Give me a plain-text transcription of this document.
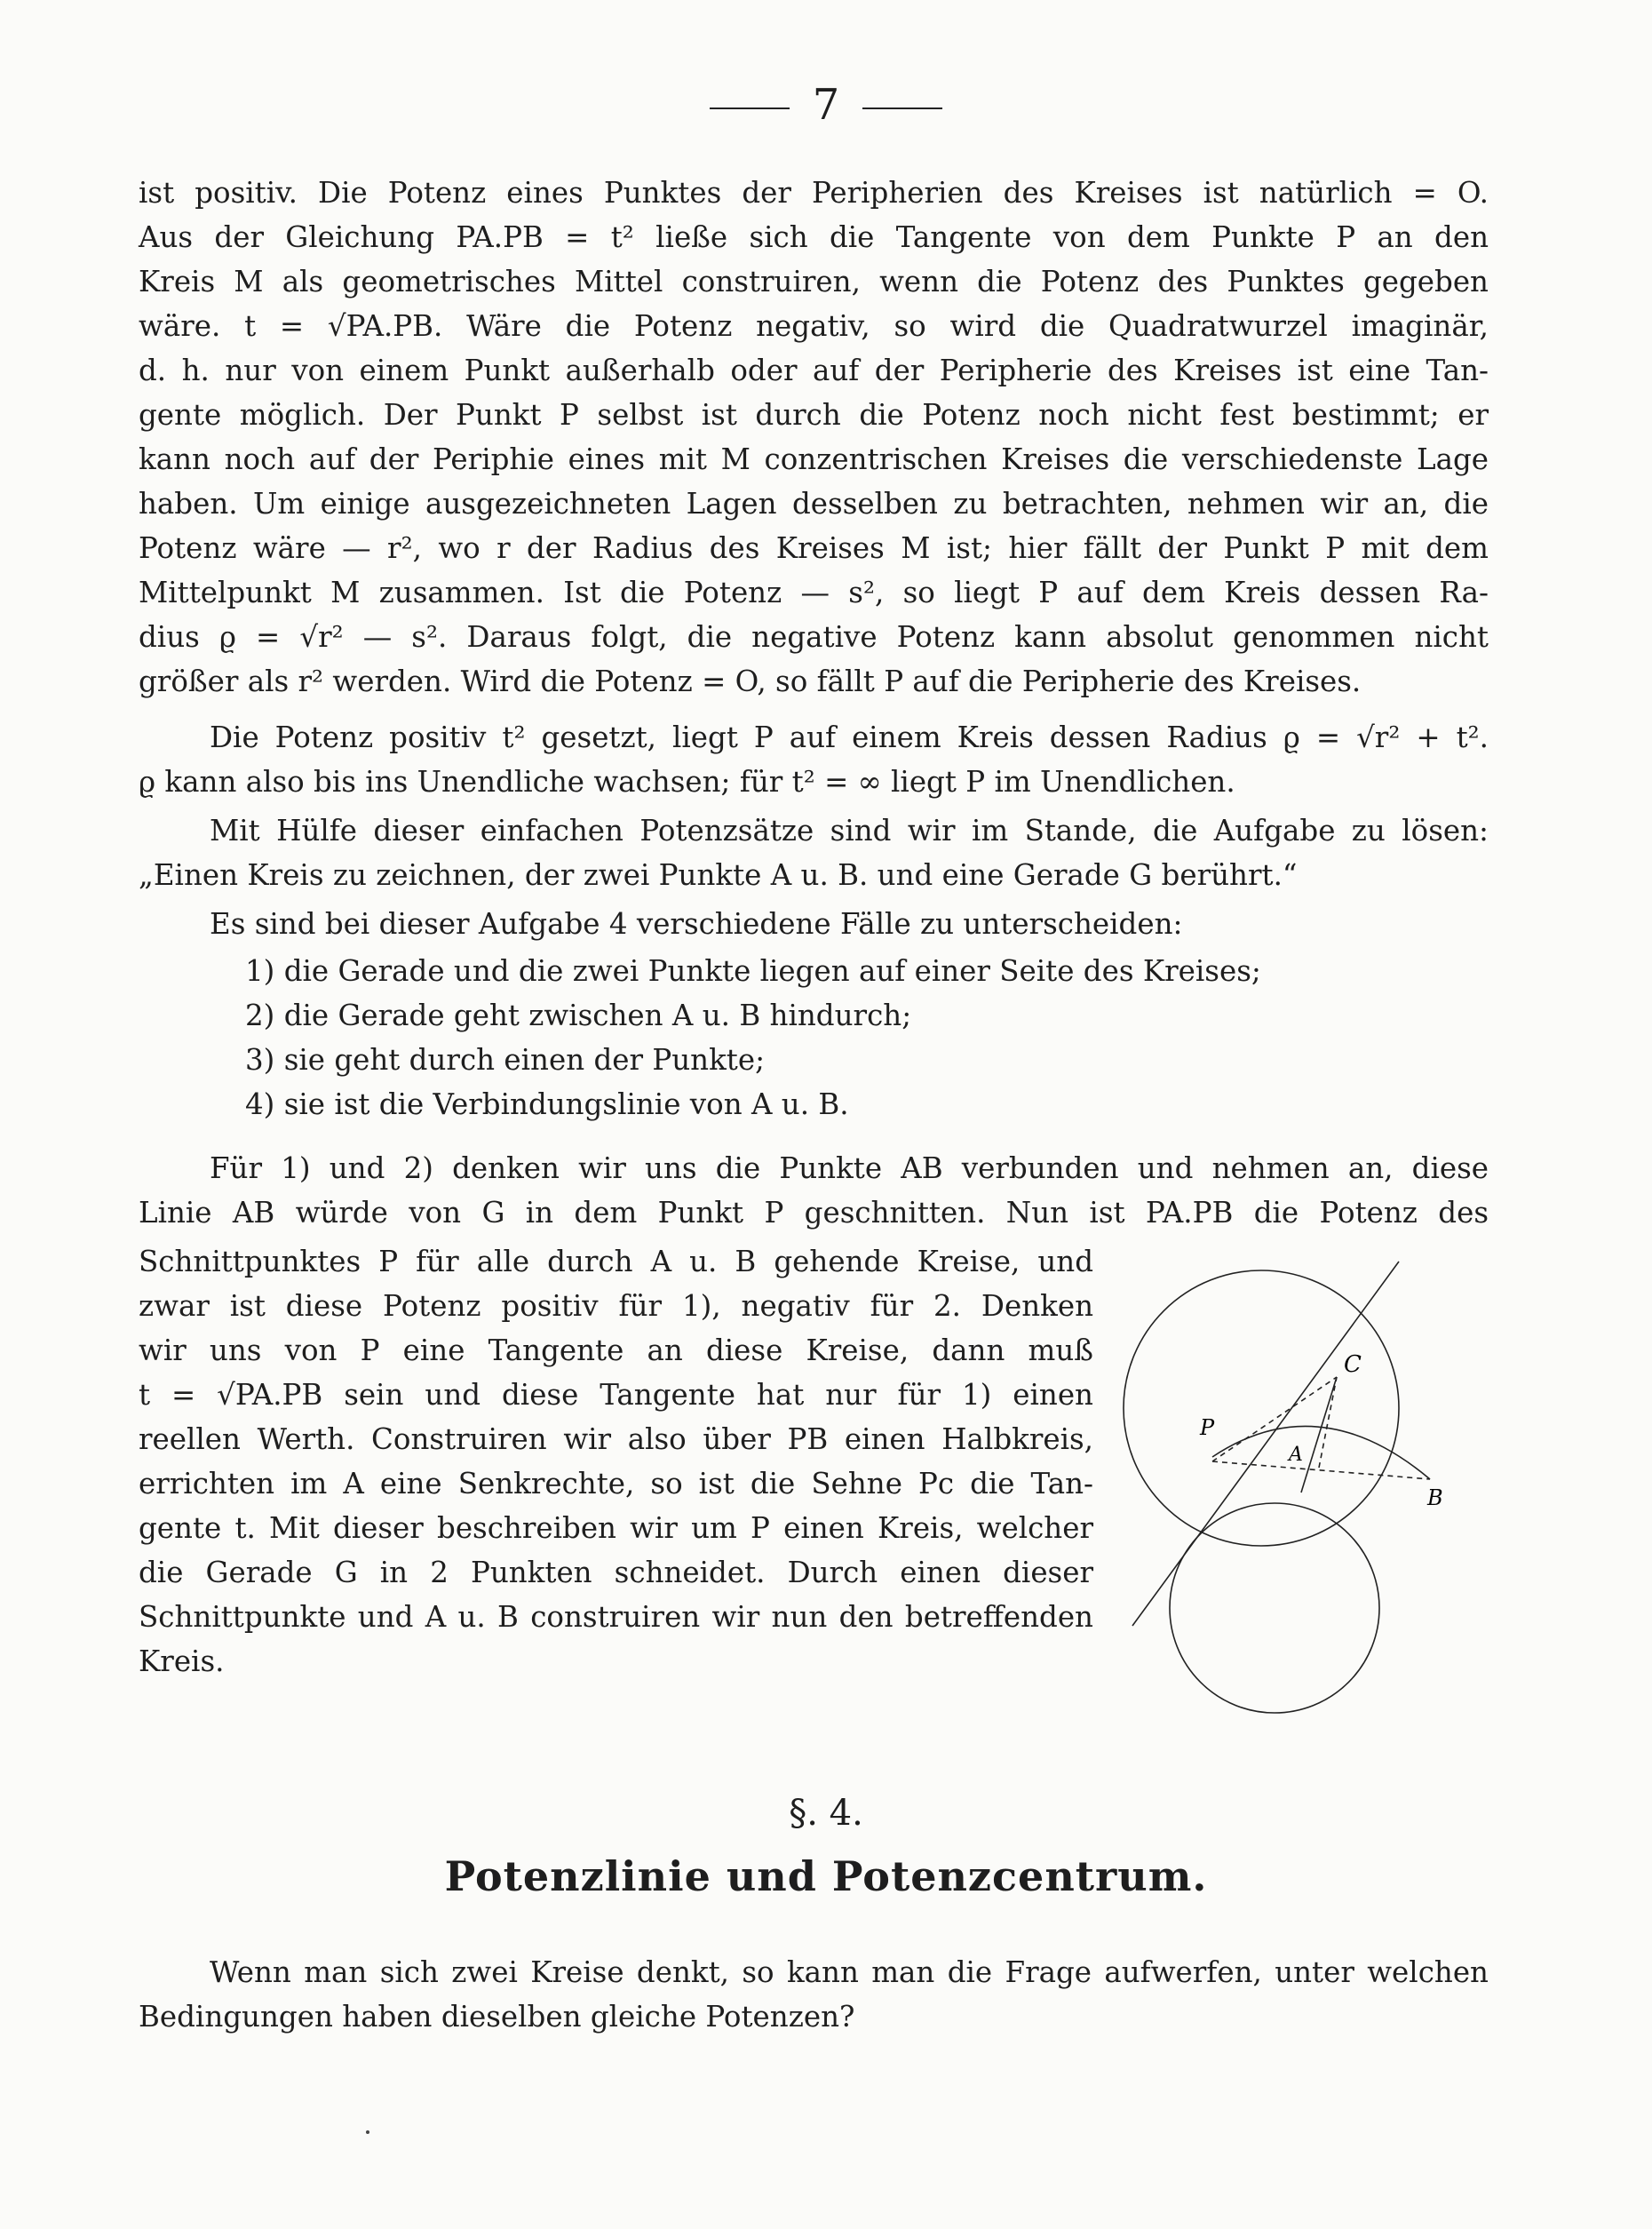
7
ist positiv. Die Potenz eines Punktes der Peripherien des Kreises ist natürlich = O.
Aus der Gleichung PA.PB = t² ließe sich die Tangente von dem Punkte P an den
Kreis M als geometrisches Mittel construiren, wenn die Potenz des Punktes gegeben
wäre. t = √PA.PB. Wäre die Potenz negativ, so wird die Quadratwurzel imaginär,
d. h. nur von einem Punkt außerhalb oder auf der Peripherie des Kreises ist eine Tan-
gente möglich. Der Punkt P selbst ist durch die Potenz noch nicht fest bestimmt; er
kann noch auf der Periphie eines mit M conzentrischen Kreises die verschiedenste Lage
haben. Um einige ausgezeichneten Lagen desselben zu betrachten, nehmen wir an, die
Potenz wäre — r², wo r der Radius des Kreises M ist; hier fällt der Punkt P mit dem
Mittelpunkt M zusammen. Ist die Potenz — s², so liegt P auf dem Kreis dessen Ra-
dius ϱ = √r² — s². Daraus folgt, die negative Potenz kann absolut genommen nicht
größer als r² werden. Wird die Potenz = O, so fällt P auf die Peripherie des Kreises.
Die Potenz positiv t² gesetzt, liegt P auf einem Kreis dessen Radius ϱ = √r² + t².
ϱ kann also bis ins Unendliche wachsen; für t² = ∞ liegt P im Unendlichen.
Mit Hülfe dieser einfachen Potenzsätze sind wir im Stande, die Aufgabe zu lösen:
„Einen Kreis zu zeichnen, der zwei Punkte A u. B. und eine Gerade G berührt.“
Es sind bei dieser Aufgabe 4 verschiedene Fälle zu unterscheiden:
1) die Gerade und die zwei Punkte liegen auf einer Seite des Kreises;
2) die Gerade geht zwischen A u. B hindurch;
3) sie geht durch einen der Punkte;
4) sie ist die Verbindungslinie von A u. B.
Für 1) und 2) denken wir uns die Punkte AB verbunden und nehmen an, diese
Linie AB würde von G in dem Punkt P geschnitten. Nun ist PA.PB die Potenz des
Schnittpunktes P für alle durch A u. B gehende Kreise, und
zwar ist diese Potenz positiv für 1), negativ für 2. Denken
wir uns von P eine Tangente an diese Kreise, dann muß
t = √PA.PB sein und diese Tangente hat nur für 1) einen
reellen Werth. Construiren wir also über PB einen Halbkreis,
errichten im A eine Senkrechte, so ist die Sehne Pc die Tan-
gente t. Mit dieser beschreiben wir um P einen Kreis, welcher
die Gerade G in 2 Punkten schneidet. Durch einen dieser
Schnittpunkte und A u. B construiren wir nun den betreffenden
Kreis.
C
P
A
B
§. 4.
Potenzlinie und Potenzcentrum.
Wenn man sich zwei Kreise denkt, so kann man die Frage aufwerfen, unter welchen
Bedingungen haben dieselben gleiche Potenzen?
